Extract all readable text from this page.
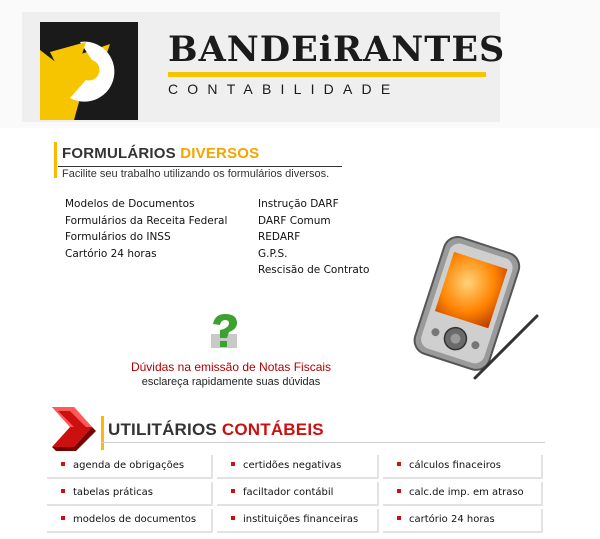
BANDEiRANTES
CONTABILIDADE
FORMULÁRIOS DIVERSOS
Facilite seu trabalho utilizando os formulários diversos.
Modelos de Documentos
Formulários da Receita Federal
Formulários do INSS
Cartório 24 horas
Instrução DARF
DARF Comum
REDARF
G.P.S.
Rescisão de Contrato
Dúvidas na emissão de Notas Fiscais
esclareça rapidamente suas dúvidas
UTILITÁRIOS CONTÁBEIS
agenda de obrigações	certidões negativas	cálculos finaceiros
tabelas práticas	faciltador contábil	calc.de imp. em atraso
modelos de documentos	instituições financeiras	cartório 24 horas
